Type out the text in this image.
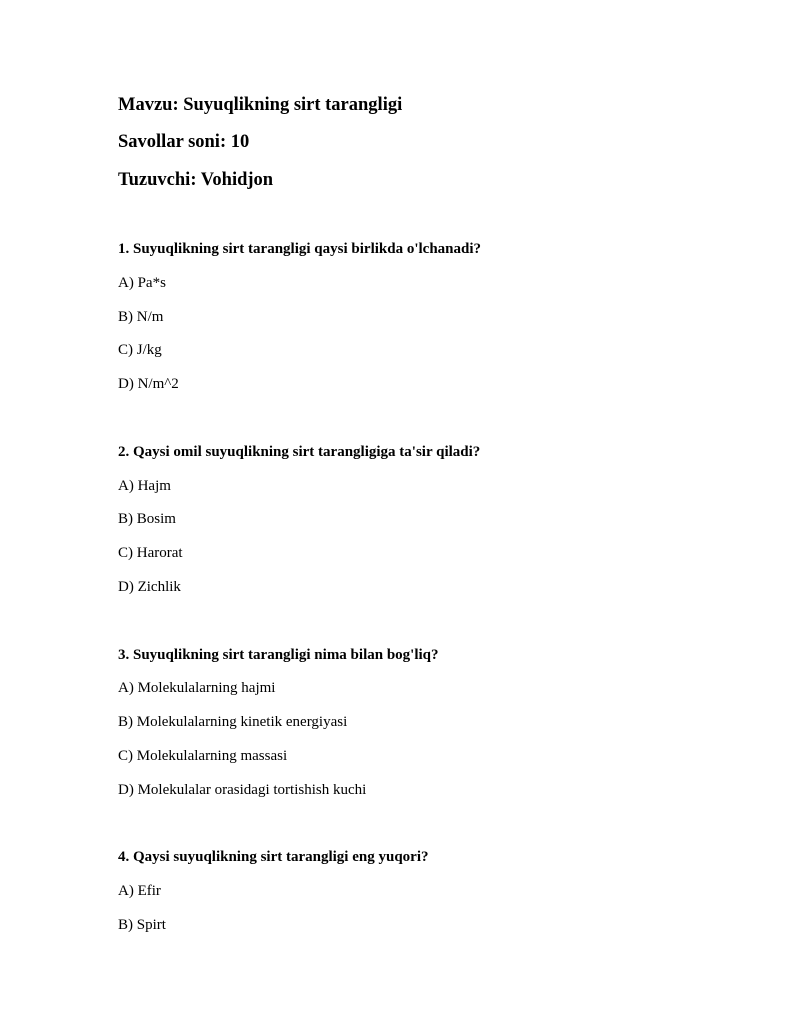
Mavzu: Suyuqlikning sirt tarangligi
Savollar soni: 10
Tuzuvchi: Vohidjon
1. Suyuqlikning sirt tarangligi qaysi birlikda o'lchanadi?
A) Pa*s
B) N/m
C) J/kg
D) N/m^2
2. Qaysi omil suyuqlikning sirt tarangligiga ta'sir qiladi?
A) Hajm
B) Bosim
C) Harorat
D) Zichlik
3. Suyuqlikning sirt tarangligi nima bilan bog'liq?
A) Molekulalarning hajmi
B) Molekulalarning kinetik energiyasi
C) Molekulalarning massasi
D) Molekulalar orasidagi tortishish kuchi
4. Qaysi suyuqlikning sirt tarangligi eng yuqori?
A) Efir
B) Spirt
